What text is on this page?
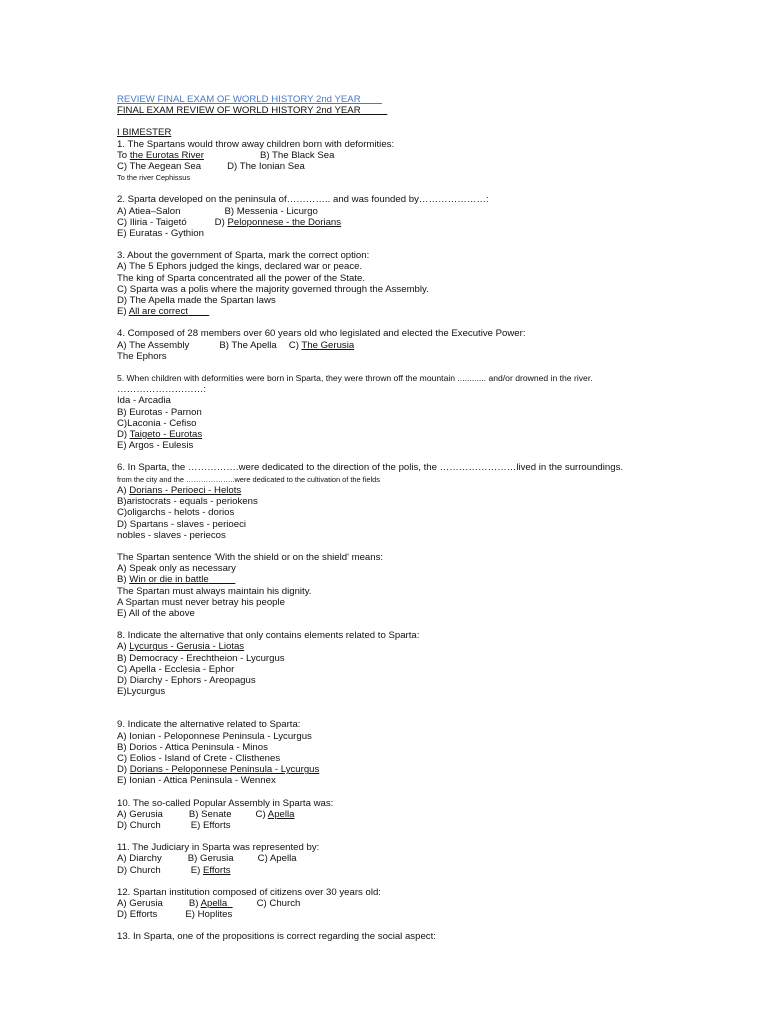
REVIEW FINAL EXAM OF WORLD HISTORY 2nd YEAR
FINAL EXAM REVIEW OF WORLD HISTORY 2nd YEAR
I BIMESTER
1. The Spartans would throw away children born with deformities:
To the Eurotas River	B) The Black Sea
C) The Aegean Sea	D) The Ionian Sea
To the river Cephissus
2. Sparta developed on the peninsula of………….. and was founded by…………………:
A) Atiea–Salon	B) Messenia - Licurgo
C) Iliria - Taigetó	D) Peloponnese - the Dorians
E) Euratas - Gythion
3. About the government of Sparta, mark the correct option:
A) The 5 Ephors judged the kings, declared war or peace.
The king of Sparta concentrated all the power of the State.
C) Sparta was a polis where the majority governed through the Assembly.
D) The Apella made the Spartan laws
E) All are correct
4. Composed of 28 members over 60 years old who legislated and elected the Executive Power:
A) The Assembly	B) The Apella C) The Gerusia
The Ephors
5. When children with deformities were born in Sparta, they were thrown off the mountain ............ and/or drowned in the river.
………………………:
Ida - Arcadia
B) Eurotas - Parnon
C)Laconia - Cefiso
D) Taigeto - Eurotas
E) Argos - Eulesis
6. In Sparta, the …………….were dedicated to the direction of the polis, the ……………………lived in the surroundings.
from the city and the ………………..were dedicated to the cultivation of the fields
A) Dorians - Perioeci - Helots
B)aristocrats - equals - periokens
C)oligarchs - helots - dorios
D) Spartans - slaves - perioeci
nobles - slaves - periecos
The Spartan sentence 'With the shield or on the shield' means:
A) Speak only as necessary
B) Win or die in battle
The Spartan must always maintain his dignity.
A Spartan must never betray his people
E) All of the above
8. Indicate the alternative that only contains elements related to Sparta:
A) Lycurgus - Gerusia - Liotas
B) Democracy - Erechtheion - Lycurgus
C) Apella - Ecclesia - Ephor
D) Diarchy - Ephors - Areopagus
E)Lycurgus
9. Indicate the alternative related to Sparta:
A) Ionian - Peloponnese Peninsula - Lycurgus
B) Dorios - Attica Peninsula - Minos
C) Eolios - Island of Crete - Clisthenes
D) Dorians - Peloponnese Peninsula - Lycurgus
E) Ionian - Attica Peninsula - Wennex
10. The so-called Popular Assembly in Sparta was:
A) Gerusia	B) Senate	C) Apella
D) Church	E) Efforts
11. The Judiciary in Sparta was represented by:
A) Diarchy	B) Gerusia	C) Apella
D) Church	E) Efforts
12. Spartan institution composed of citizens over 30 years old:
A) Gerusia	B) Apella	C) Church
D) Efforts	E) Hoplites
13. In Sparta, one of the propositions is correct regarding the social aspect:
